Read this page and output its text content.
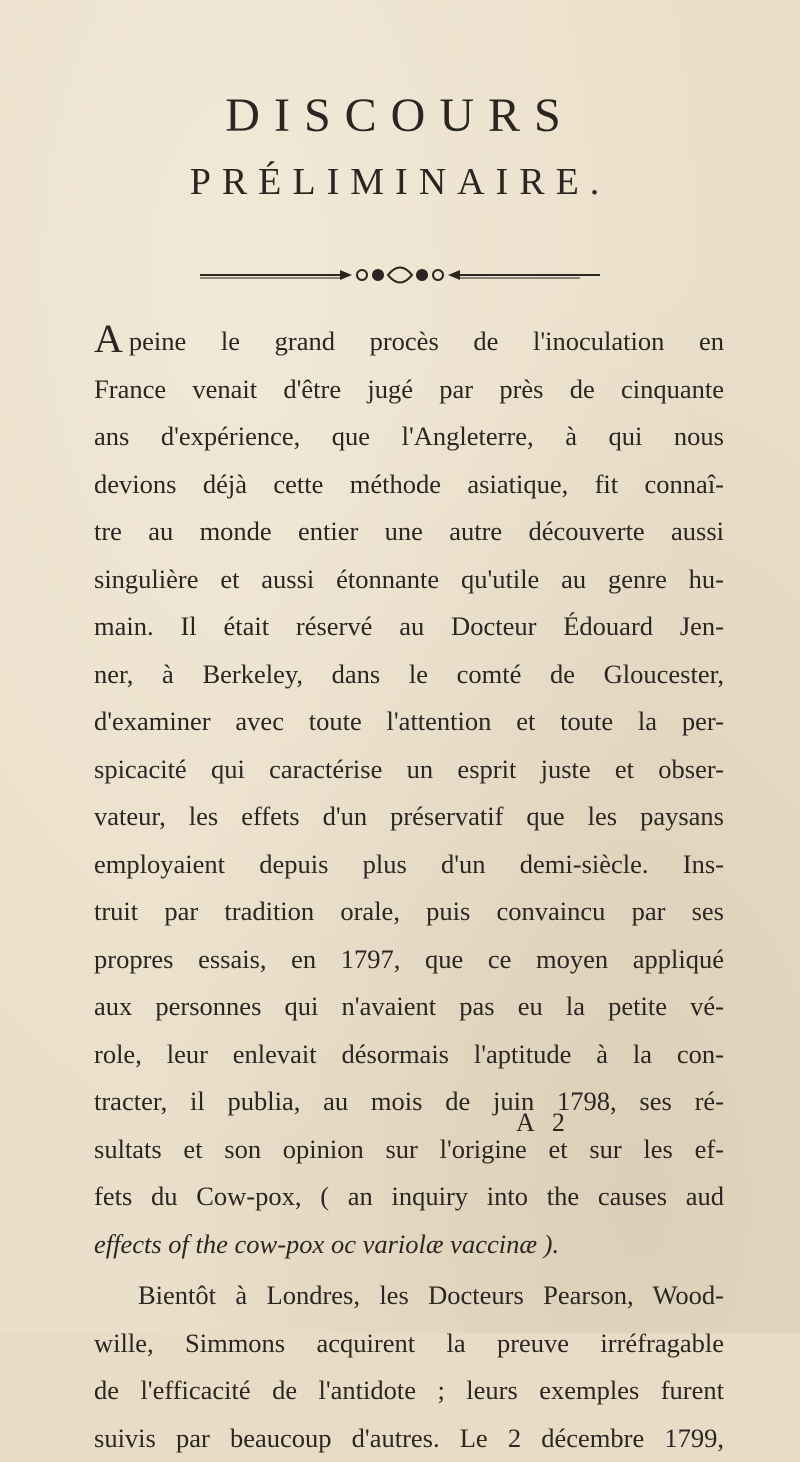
DISCOURS
PRÉLIMINAIRE.
Apeine le grand procès de l'inoculation en
France venait d'être jugé par près de cinquante
ans d'expérience, que l'Angleterre, à qui nous
devions déjà cette méthode asiatique, fit connaî-
tre au monde entier une autre découverte aussi
singulière et aussi étonnante qu'utile au genre hu-
main. Il était réservé au Docteur Édouard Jen-
ner, à Berkeley, dans le comté de Gloucester,
d'examiner avec toute l'attention et toute la per-
spicacité qui caractérise un esprit juste et obser-
vateur, les effets d'un préservatif que les paysans
employaient depuis plus d'un demi-siècle. Ins-
truit par tradition orale, puis convaincu par ses
propres essais, en 1797, que ce moyen appliqué
aux personnes qui n'avaient pas eu la petite vé-
role, leur enlevait désormais l'aptitude à la con-
tracter, il publia, au mois de juin 1798, ses ré-
sultats et son opinion sur l'origine et sur les ef-
fets du Cow-pox, ( an inquiry into the causes aud
effects of the cow-pox oc variolæ vaccinæ ).
Bientôt à Londres, les Docteurs Pearson, Wood-
wille, Simmons acquirent la preuve irréfragable
de l'efficacité de l'antidote ; leurs exemples furent
suivis par beaucoup d'autres. Le 2 décembre 1799,
A 2
